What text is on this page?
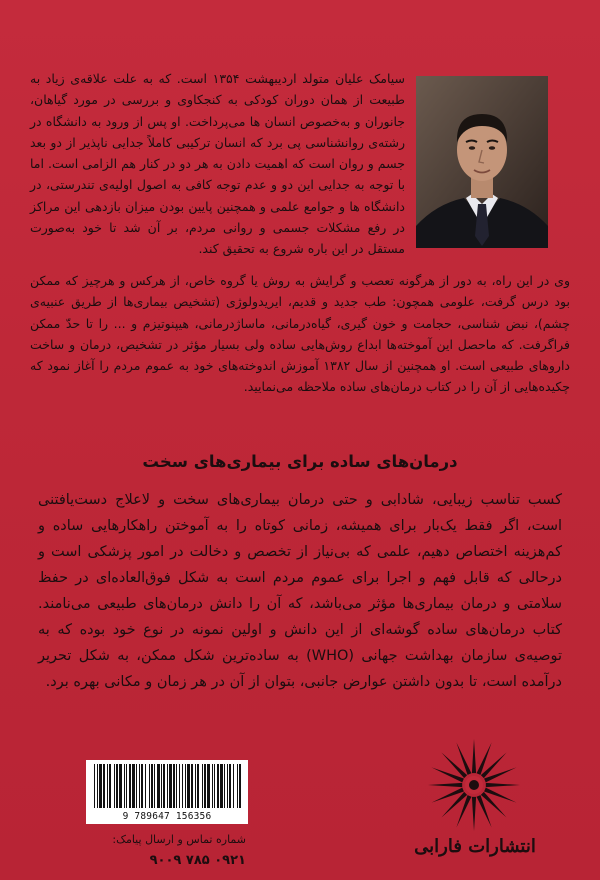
سیامک علیان متولد اردیبهشت ۱۳۵۴ است. که به علت علاقه‌ی زیاد به طبیعت از همان دوران کودکی به کنجکاوی و بررسی در مورد گیاهان، جانوران و به‌خصوص انسان ها می‌پرداخت. او پس از ورود به دانشگاه در رشته‌ی روانشناسی پی برد که انسان ترکیبی کاملاً جدایی ناپذیر از دو بعد جسم و روان است که اهمیت دادن به هر دو در کنار هم الزامی است. اما با توجه به جدایی این دو و عدم توجه کافی به اصول اولیه‌ی تندرستی، در دانشگاه ها و جوامع علمی و همچنین پایین بودن میزان بازدهی این مراکز در رفع مشکلات جسمی و روانی مردم، بر آن شد تا خود به‌صورت مستقل در این باره شروع به تحقیق کند.

وی در این راه، به دور از هرگونه تعصب و گرایش به روش یا گروه خاص، از هرکس و هرچیز که ممکن بود درس گرفت، علومی همچون: طب جدید و قدیم، ایریدولوژی (تشخیص بیماری‌ها از طریق عنبیه‌ی چشم)، نبض شناسی، حجامت و خون گیری، گیاه‌درمانی، ماساژدرمانی، هیپنوتیزم و ... را تا حدّ ممکن فراگرفت. که ماحصل این آموخته‌ها ابداع روش‌هایی ساده ولی بسیار مؤثر در تشخیص، درمان و ساخت داروهای طبیعی است. او همچنین از سال ۱۳۸۲ آموزش اندوخته‌های خود به عموم مردم را آغاز نمود که چکیده‌هایی از آن را در کتاب درمان‌های ساده ملاحظه می‌نمایید.

درمان‌های ساده برای بیماری‌های سخت

کسب تناسب زیبایی، شادابی و حتی درمان بیماری‌های سخت و لاعلاج دست‌یافتنی است، اگر فقط یک‌بار برای همیشه، زمانی کوتاه را به آموختن راهکارهایی ساده و کم‌هزینه اختصاص دهیم، علمی که بی‌نیاز از تخصص و دخالت در امور پزشکی است و درحالی که قابل فهم و اجرا برای عموم مردم است به شکل فوق‌العاده‌ای در حفظ سلامتی و درمان بیماری‌ها مؤثر می‌باشد، که آن را دانش درمان‌های طبیعی می‌نامند. کتاب درمان‌های ساده گوشه‌ای از این دانش و اولین نمونه در نوع خود بوده که به توصیه‌ی سازمان بهداشت جهانی (WHO) به ساده‌ترین شکل ممکن، به شکل تحریر درآمده است، تا بدون داشتن عوارض جانبی، بتوان از آن در هر زمان و مکانی بهره برد.

9 789647 156356

شماره تماس و ارسال پیامک:

۰۹۲۱ ۷۸۵ ۹۰۰۹

انتشارات فارابی
